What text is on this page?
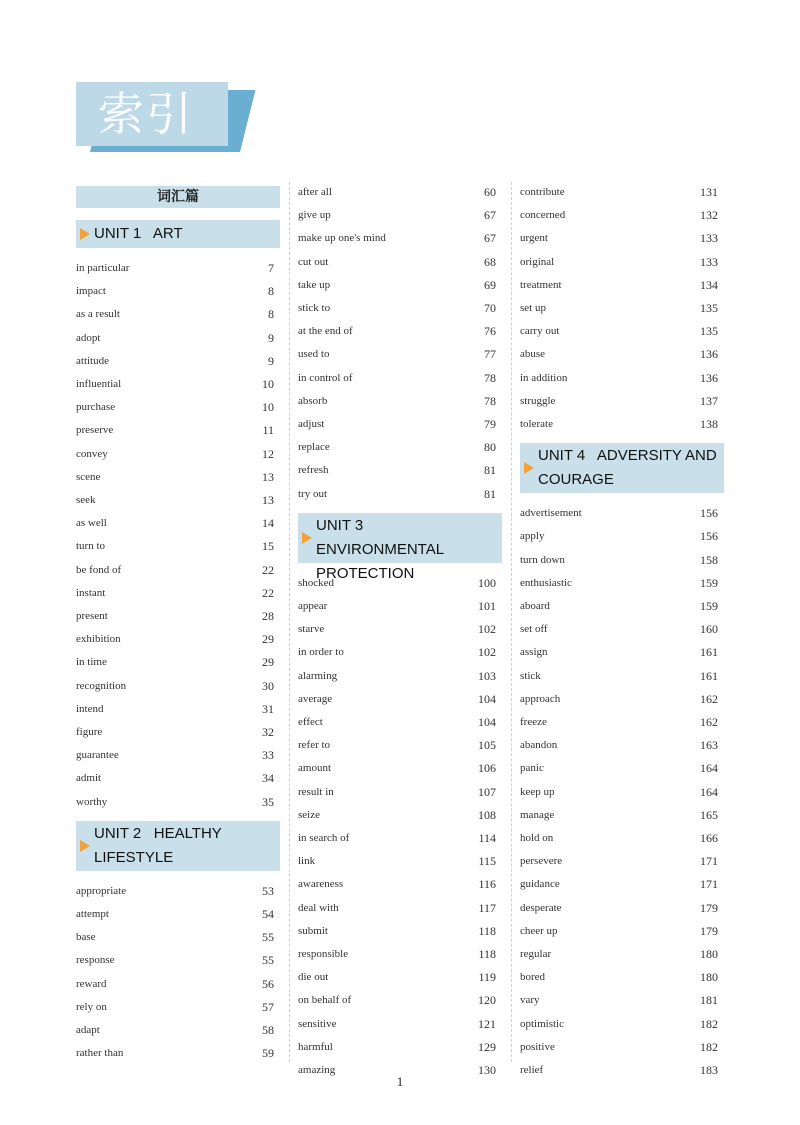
索引
词汇篇
UNIT 1   ART
in particular	7
impact	8
as a result	8
adopt	9
attitude	9
influential	10
purchase	10
preserve	11
convey	12
scene	13
seek	13
as well	14
turn to	15
be fond of	22
instant	22
present	28
exhibition	29
in time	29
recognition	30
intend	31
figure	32
guarantee	33
admit	34
worthy	35
UNIT 2   HEALTHY
LIFESTYLE
appropriate	53
attempt	54
base	55
response	55
reward	56
rely on	57
adapt	58
rather than	59
after all	60
give up	67
make up one's mind	67
cut out	68
take up	69
stick to	70
at the end of	76
used to	77
in control of	78
absorb	78
adjust	79
replace	80
refresh	81
try out	81
UNIT 3   ENVIRONMENTAL
PROTECTION
shocked	100
appear	101
starve	102
in order to	102
alarming	103
average	104
effect	104
refer to	105
amount	106
result in	107
seize	108
in search of	114
link	115
awareness	116
deal with	117
submit	118
responsible	118
die out	119
on behalf of	120
sensitive	121
harmful	129
amazing	130
contribute	131
concerned	132
urgent	133
original	133
treatment	134
set up	135
carry out	135
abuse	136
in addition	136
struggle	137
tolerate	138
UNIT 4   ADVERSITY AND
COURAGE
advertisement	156
apply	156
turn down	158
enthusiastic	159
aboard	159
set off	160
assign	161
stick	161
approach	162
freeze	162
abandon	163
panic	164
keep up	164
manage	165
hold on	166
persevere	171
guidance	171
desperate	179
cheer up	179
regular	180
bored	180
vary	181
optimistic	182
positive	182
relief	183
1
